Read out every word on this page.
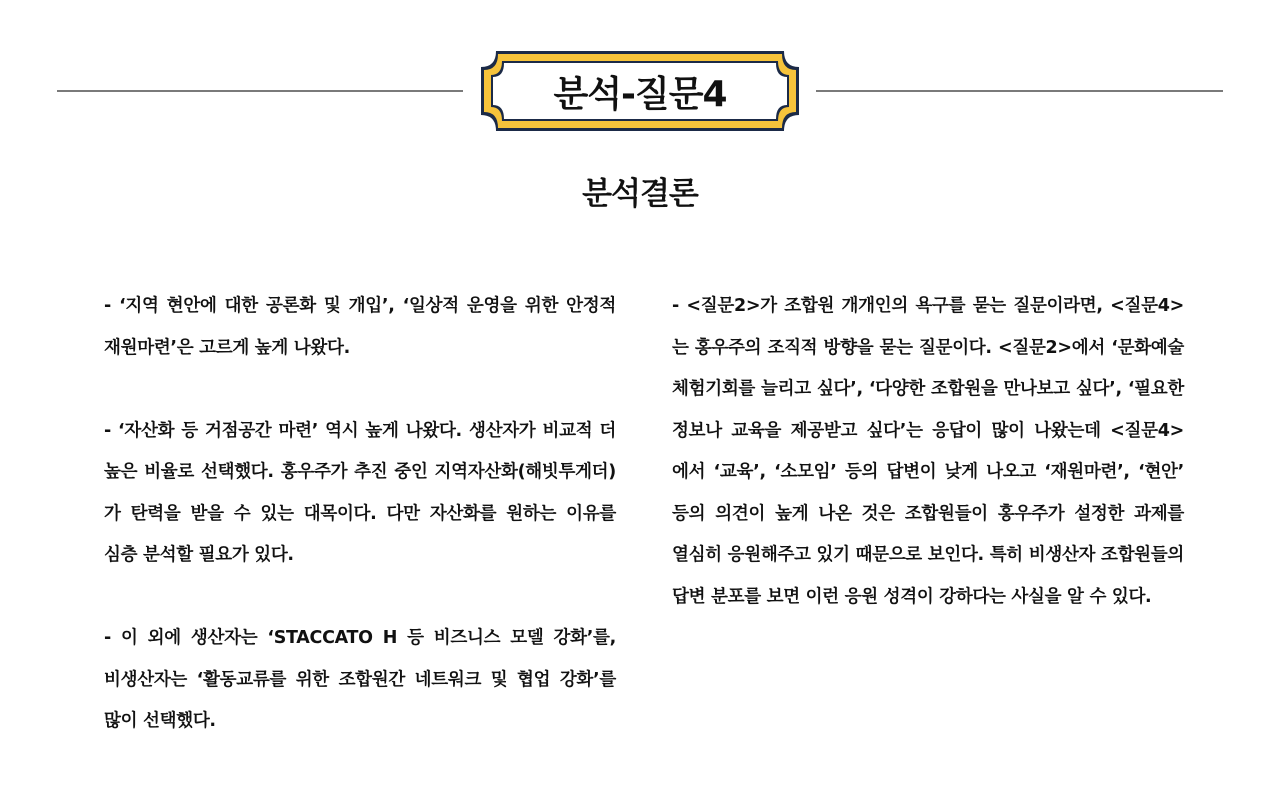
분석-질문4
분석결론

- ‘지역 현안에 대한 공론화 및 개입’, ‘일상적 운영을 위한 안정적 재원마련’은 고르게 높게 나왔다.

- ‘자산화 등 거점공간 마련’ 역시 높게 나왔다. 생산자가 비교적 더 높은 비율로 선택했다. 홍우주가 추진 중인 지역자산화(해빗투게더)가 탄력을 받을 수 있는 대목이다. 다만 자산화를 원하는 이유를 심층 분석할 필요가 있다.

- 이 외에 생산자는 ‘STACCATO H 등 비즈니스 모델 강화’를, 비생산자는 ‘활동교류를 위한 조합원간 네트워크 및 협업 강화’를 많이 선택했다.

- <질문2>가 조합원 개개인의 욕구를 묻는 질문이라면, <질문4>는 홍우주의 조직적 방향을 묻는 질문이다. <질문2>에서 ‘문화예술 체험기회를 늘리고 싶다’, ‘다양한 조합원을 만나보고 싶다’, ‘필요한 정보나 교육을 제공받고 싶다’는 응답이 많이 나왔는데 <질문4>에서 ‘교육’, ‘소모임’ 등의 답변이 낮게 나오고 ‘재원마련’, ‘현안’ 등의 의견이 높게 나온 것은 조합원들이 홍우주가 설정한 과제를 열심히 응원해주고 있기 때문으로 보인다. 특히 비생산자 조합원들의 답변 분포를 보면 이런 응원 성격이 강하다는 사실을 알 수 있다.
